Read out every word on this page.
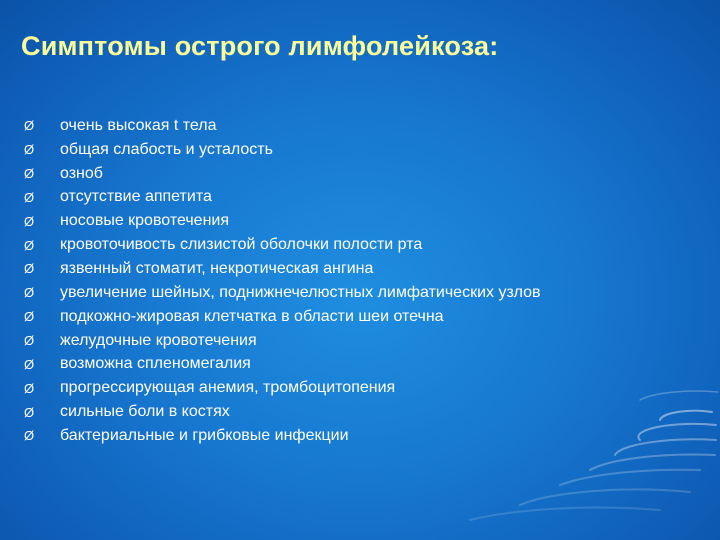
Симптомы острого лимфолейкоза:
Ø	очень высокая t тела
Ø	общая слабость и усталость
Ø	озноб
Ø	отсутствие аппетита
Ø	носовые кровотечения
Ø	кровоточивость слизистой оболочки полости рта
Ø	язвенный стоматит, некротическая ангина
Ø	увеличение шейных, поднижнечелюстных лимфатических узлов
Ø	подкожно-жировая клетчатка в области шеи отечна
Ø	желудочные кровотечения
Ø	возможна спленомегалия
Ø	прогрессирующая анемия, тромбоцитопения
Ø	сильные боли в костях
Ø	бактериальные и грибковые инфекции
